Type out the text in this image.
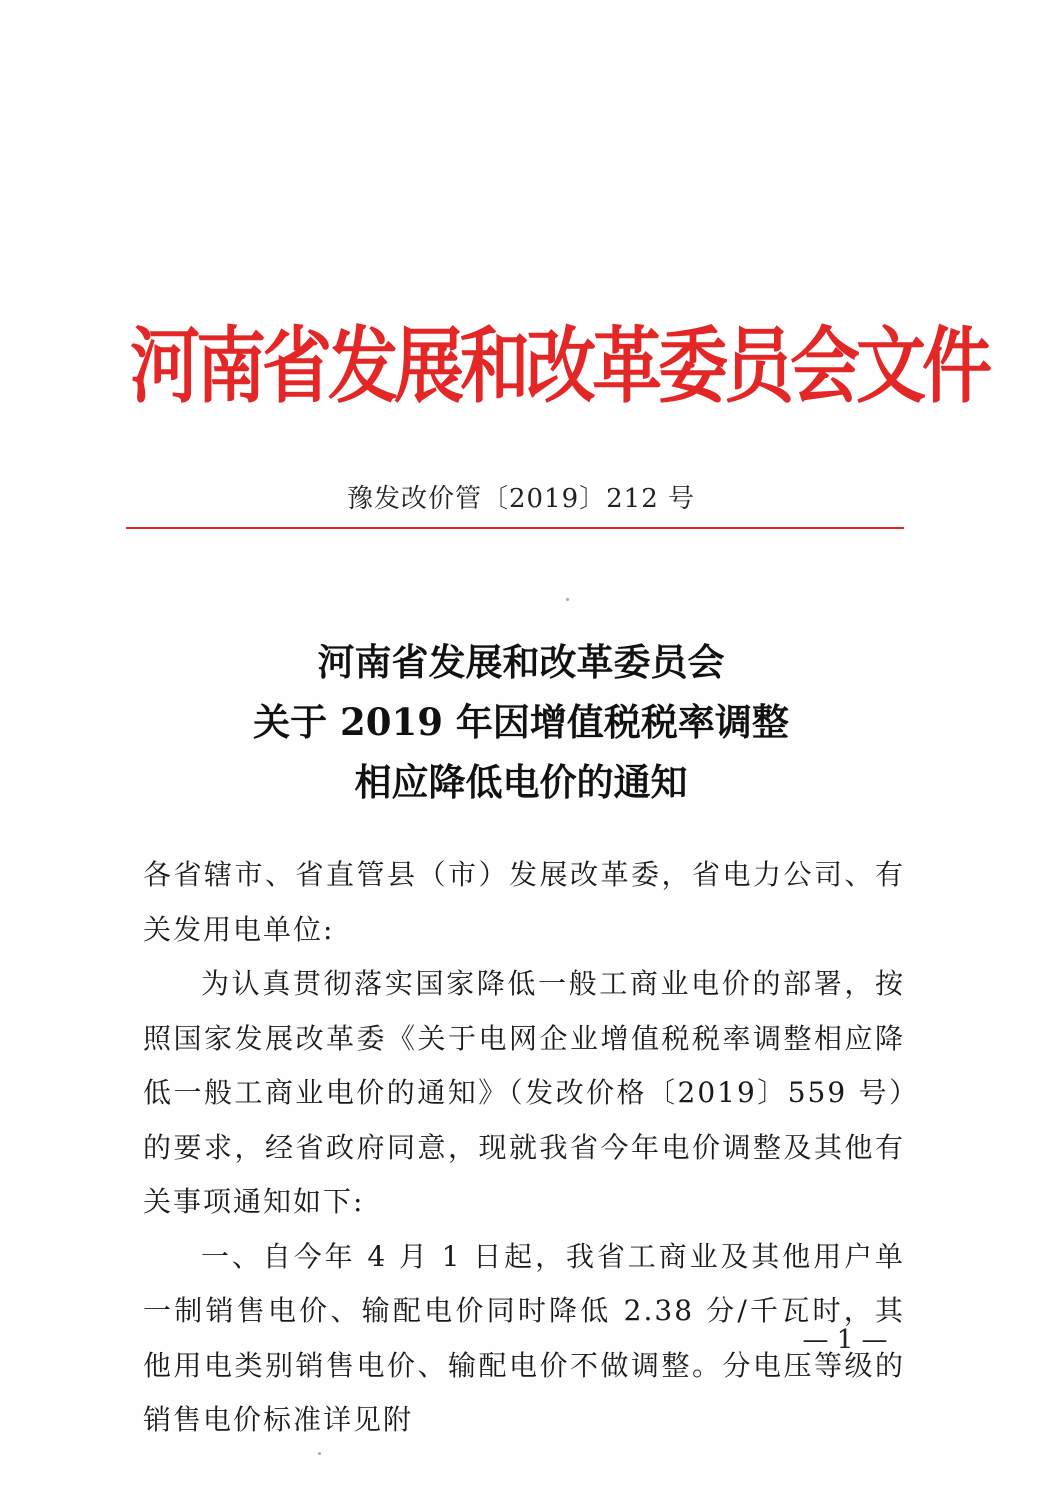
河南省发展和改革委员会文件
豫发改价管〔2019〕212 号
河南省发展和改革委员会
关于 2019 年因增值税税率调整
相应降低电价的通知

各省辖市、省直管县（市）发展改革委，省电力公司、有关发用电单位:

为认真贯彻落实国家降低一般工商业电价的部署，按照国家发展改革委《关于电网企业增值税税率调整相应降低一般工商业电价的通知》（发改价格〔2019〕559 号）的要求，经省政府同意，现就我省今年电价调整及其他有关事项通知如下:

一、自今年 4 月 1 日起，我省工商业及其他用户单一制销售电价、输配电价同时降低 2.38 分/千瓦时，其他用电类别销售电价、输配电价不做调整。分电压等级的销售电价标准详见附

— 1 —
